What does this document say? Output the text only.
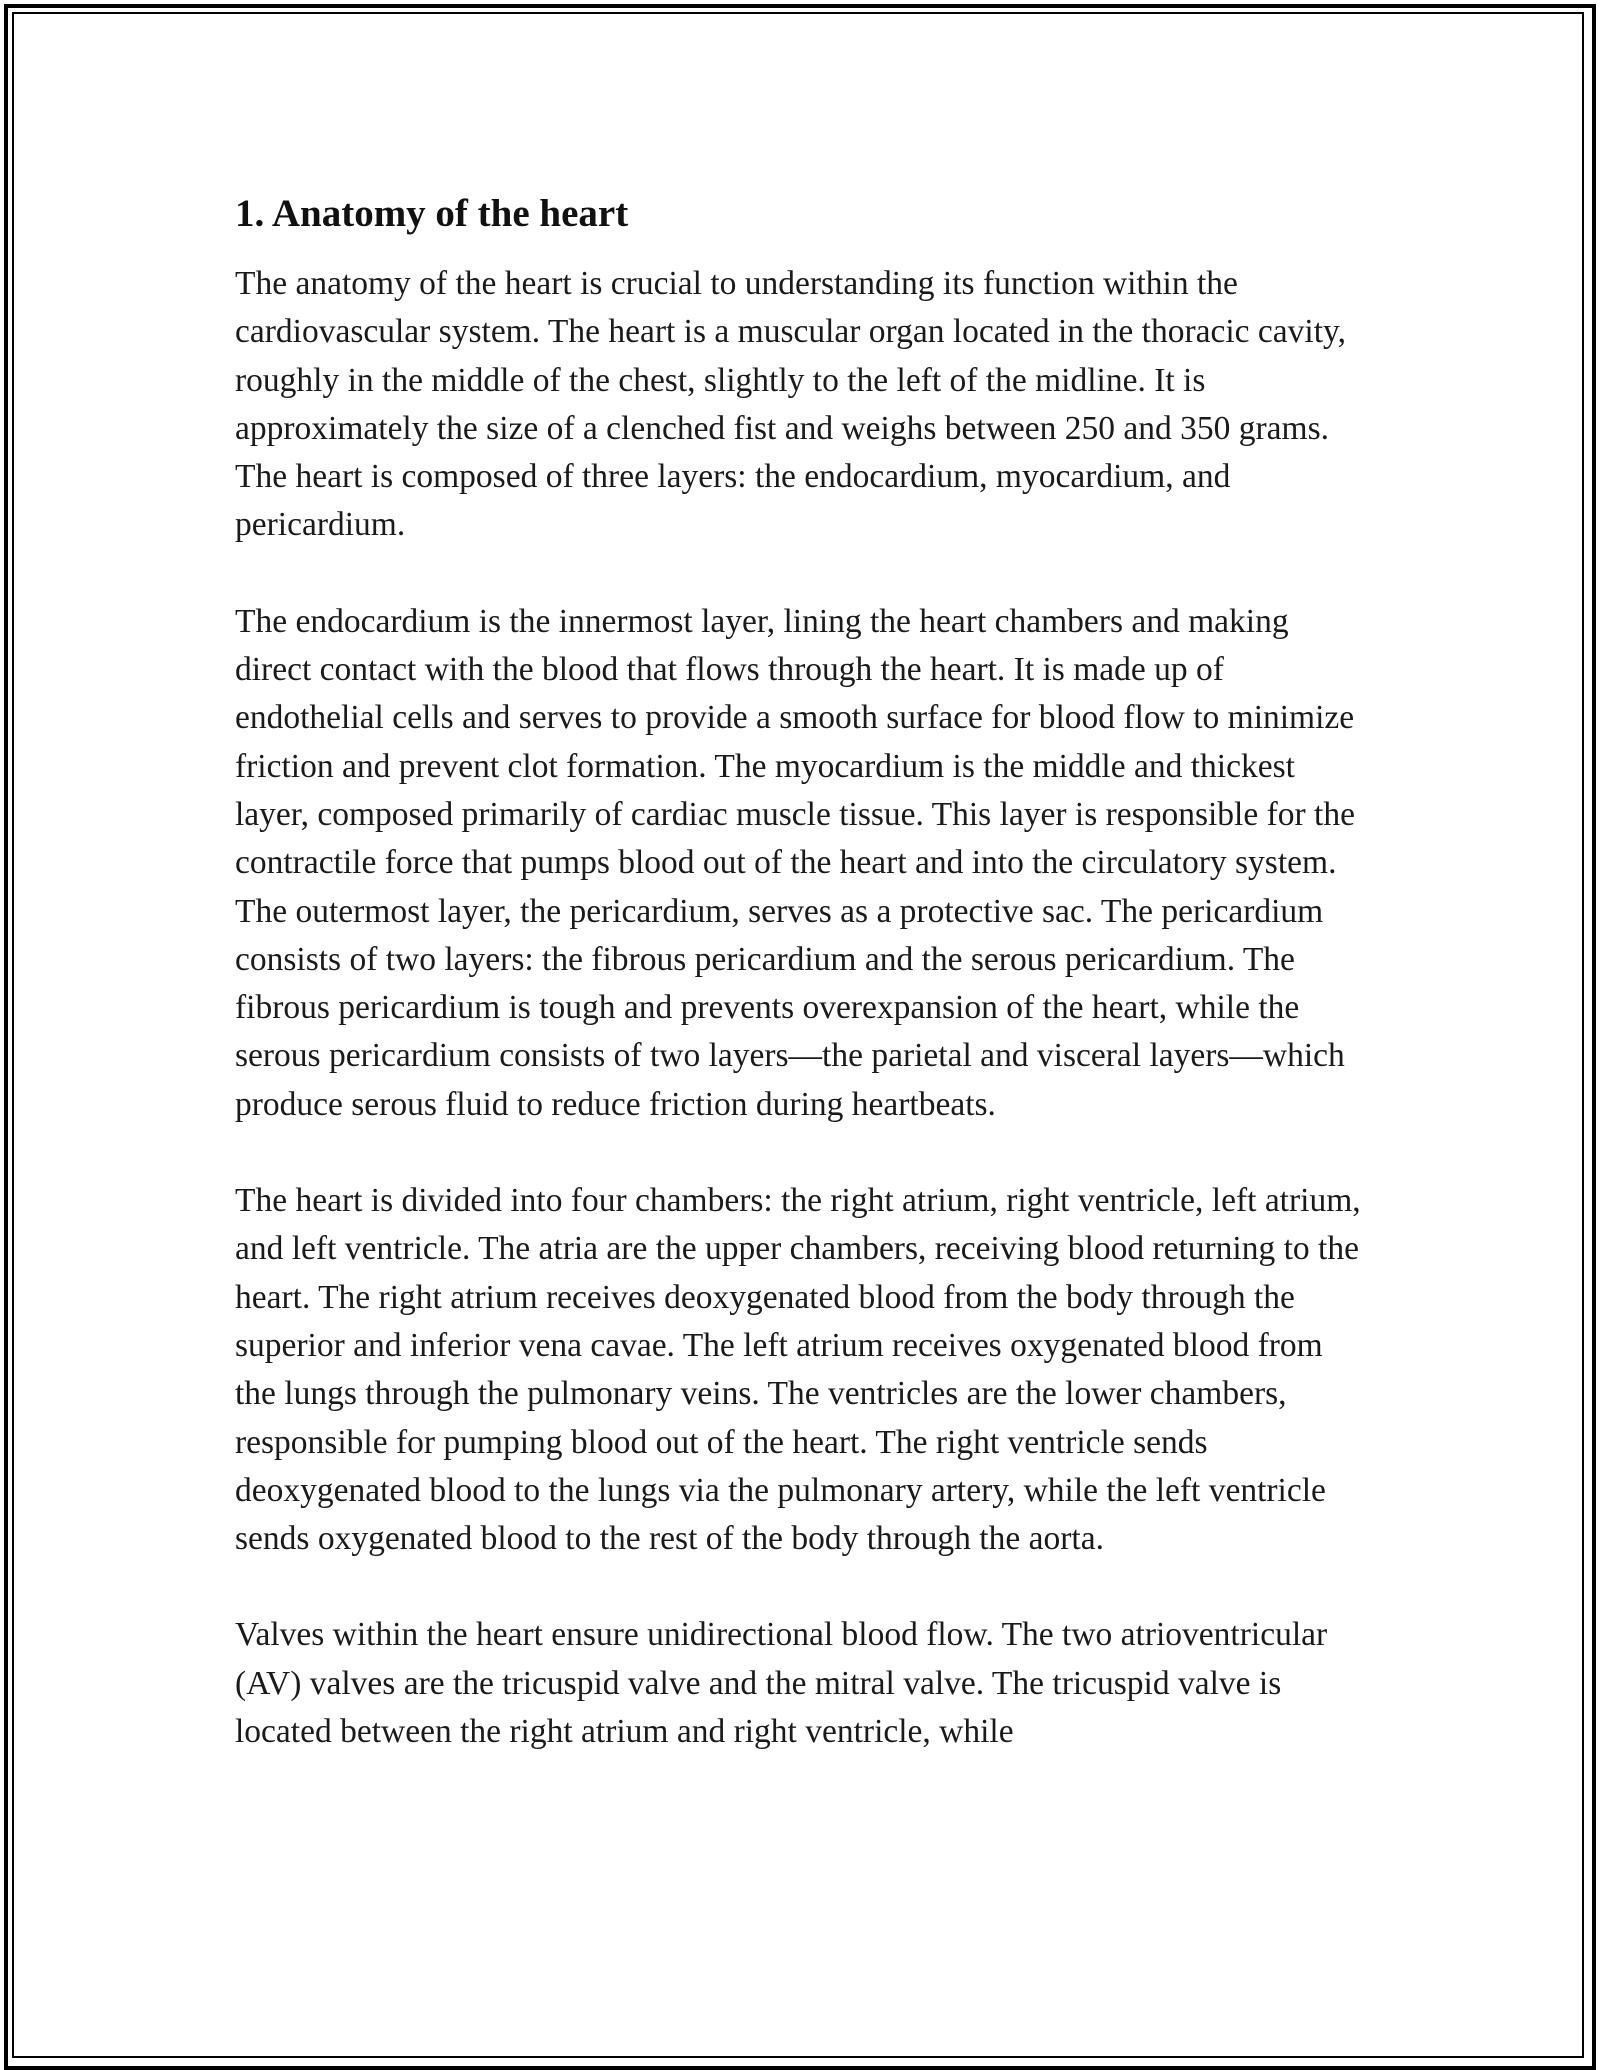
1. Anatomy of the heart

The anatomy of the heart is crucial to understanding its function within the cardiovascular system. The heart is a muscular organ located in the thoracic cavity, roughly in the middle of the chest, slightly to the left of the midline. It is approximately the size of a clenched fist and weighs between 250 and 350 grams. The heart is composed of three layers: the endocardium, myocardium, and pericardium.

The endocardium is the innermost layer, lining the heart chambers and making direct contact with the blood that flows through the heart. It is made up of endothelial cells and serves to provide a smooth surface for blood flow to minimize friction and prevent clot formation. The myocardium is the middle and thickest layer, composed primarily of cardiac muscle tissue. This layer is responsible for the contractile force that pumps blood out of the heart and into the circulatory system. The outermost layer, the pericardium, serves as a protective sac. The pericardium consists of two layers: the fibrous pericardium and the serous pericardium. The fibrous pericardium is tough and prevents overexpansion of the heart, while the serous pericardium consists of two layers—the parietal and visceral layers—which produce serous fluid to reduce friction during heartbeats.

The heart is divided into four chambers: the right atrium, right ventricle, left atrium, and left ventricle. The atria are the upper chambers, receiving blood returning to the heart. The right atrium receives deoxygenated blood from the body through the superior and inferior vena cavae. The left atrium receives oxygenated blood from the lungs through the pulmonary veins. The ventricles are the lower chambers, responsible for pumping blood out of the heart. The right ventricle sends deoxygenated blood to the lungs via the pulmonary artery, while the left ventricle sends oxygenated blood to the rest of the body through the aorta.

Valves within the heart ensure unidirectional blood flow. The two atrioventricular (AV) valves are the tricuspid valve and the mitral valve. The tricuspid valve is located between the right atrium and right ventricle, while
